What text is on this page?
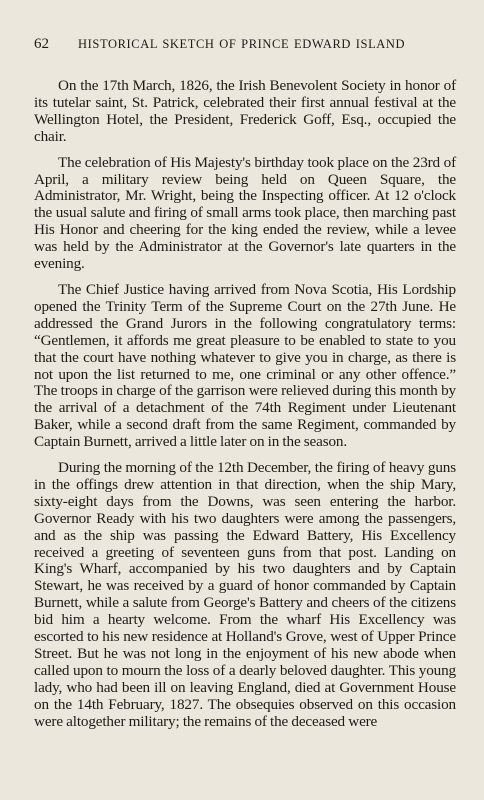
62	HISTORICAL SKETCH OF PRINCE EDWARD ISLAND

On the 17th March, 1826, the Irish Benevolent Society in honor of its tutelar saint, St. Patrick, celebrated their first annual festival at the Wellington Hotel, the President, Frederick Goff, Esq., occupied the chair.

The celebration of His Majesty's birthday took place on the 23rd of April, a military review being held on Queen Square, the Administrator, Mr. Wright, being the Inspecting officer. At 12 o'clock the usual salute and firing of small arms took place, then marching past His Honor and cheering for the king ended the review, while a levee was held by the Administrator at the Governor's late quarters in the evening.

The Chief Justice having arrived from Nova Scotia, His Lordship opened the Trinity Term of the Supreme Court on the 27th June. He addressed the Grand Jurors in the following congratulatory terms: “Gentlemen, it affords me great pleasure to be enabled to state to you that the court have nothing whatever to give you in charge, as there is not upon the list returned to me, one criminal or any other offence.” The troops in charge of the garrison were relieved during this month by the arrival of a detachment of the 74th Regiment under Lieutenant Baker, while a second draft from the same Regiment, commanded by Captain Burnett, arrived a little later on in the season.

During the morning of the 12th December, the firing of heavy guns in the offings drew attention in that direction, when the ship Mary, sixty-eight days from the Downs, was seen entering the harbor. Governor Ready with his two daughters were among the passengers, and as the ship was passing the Edward Battery, His Excellency received a greeting of seventeen guns from that post. Landing on King's Wharf, accompanied by his two daughters and by Captain Stewart, he was received by a guard of honor commanded by Captain Burnett, while a salute from George's Battery and cheers of the citizens bid him a hearty welcome. From the wharf His Excellency was escorted to his new residence at Holland's Grove, west of Upper Prince Street. But he was not long in the enjoyment of his new abode when called upon to mourn the loss of a dearly beloved daughter. This young lady, who had been ill on leaving England, died at Government House on the 14th February, 1827. The obsequies observed on this occasion were altogether military; the remains of the deceased were
